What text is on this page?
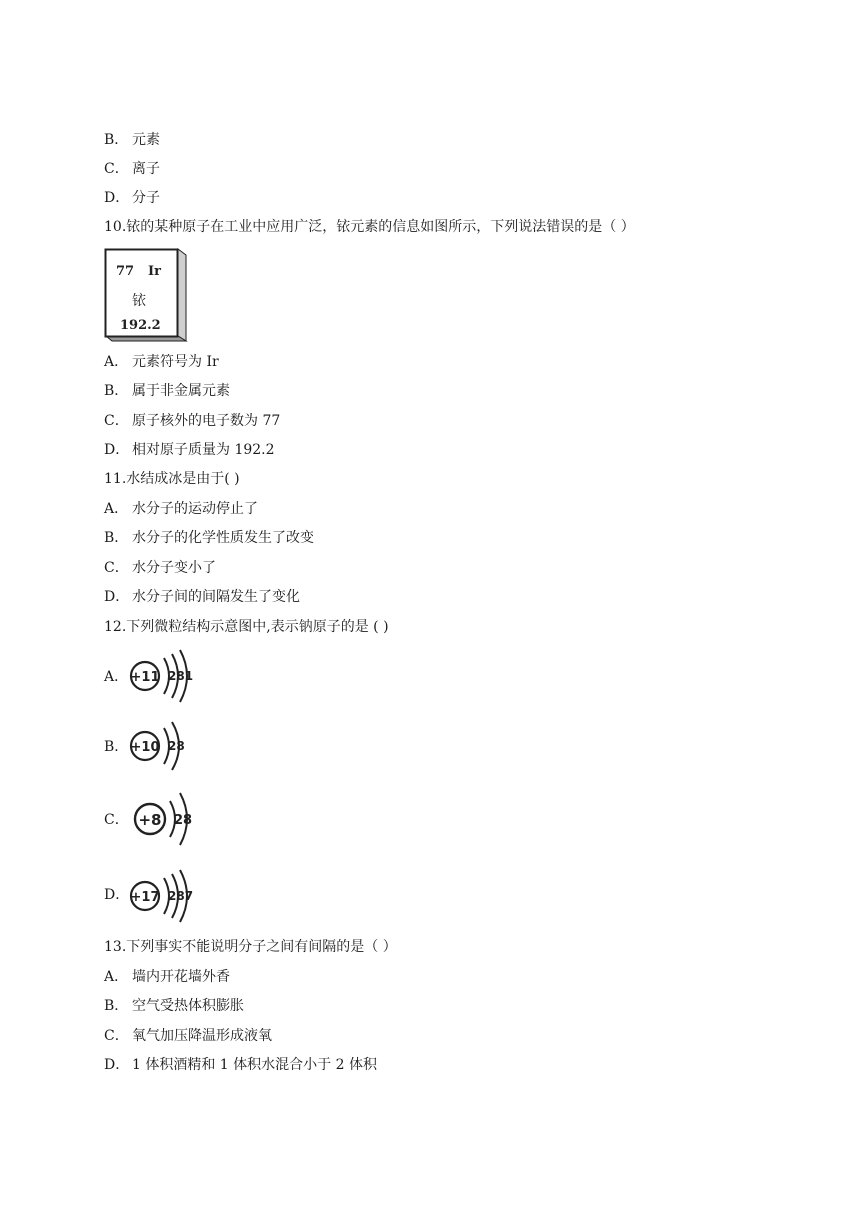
B． 元素
C． 离子
D． 分子
10.铱的某种原子在工业中应用广泛，铱元素的信息如图所示，下列说法错误的是（ ）
77 Ir
铱
192.2
A． 元素符号为 Ir
B． 属于非金属元素
C． 原子核外的电子数为 77
D． 相对原子质量为 192.2
11.水结成冰是由于( )
A． 水分子的运动停止了
B． 水分子的化学性质发生了改变
C． 水分子变小了
D． 水分子间的间隔发生了变化
12.下列微粒结构示意图中,表示钠原子的是 ( )
A． +11 281
B． +10 28
C． +8 28
D． +17 287
13.下列事实不能说明分子之间有间隔的是（ ）
A． 墙内开花墙外香
B． 空气受热体积膨胀
C． 氧气加压降温形成液氧
D． 1 体积酒精和 1 体积水混合小于 2 体积
